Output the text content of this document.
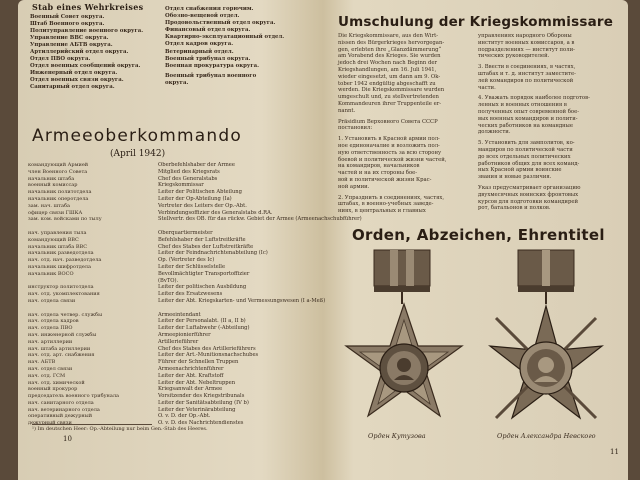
Stab eines Wehrkreises
Военный Совет округа.
Штаб Военного округа.
Политуправление военного округа.
Управление ВВС округа.
Управление АБТВ округа.
Артиллерийский отдел округа.
Отдел ПВО округа.
Отдел военных сообщений округа.
Инженерный отдел округа.
Отдел военных связи округа.
Санитарный отдел округа.
Отдел снабжения горючим.
Обозно-вещевой отдел.
Продовольственный отдел округа.
Финансовый отдел округа.
Квартирно-эксплуатационный отдел.
Отдел кадров округа.
Ветеринарный отдел.
Военный трибунал округа.
Военная прокуратура округа.
Военный трибунал военного
округа.
Armeeoberkommando
(April 1942)
командующий Армией	Oberbefehlshaber der Armee
член Военного Совета	Mitglied des Kriegsrats
начальник штаба	Chef des Generalstabs
военный комиссар	Kriegskommissar
начальник политотдела	Leiter der Politischen Abteilung
начальник оперотдела	Leiter der Op-Abteilung (Ia)
зам. нач. штаба	Vertreter des Leiters der Op.-Abt.
офицер связи ГШКА	Verbindungsoffizier des Generalstabs d.RA.
зам. ком. войсками по тылу	Stellvertr. des OB. für das rückw. Gebiet der Armee (Armeenachschubführer)
нач. управления тыла	Oberquartiermeister
командующий ВВС	Befehlshaber der Luftstreitkräfte
начальник штаба ВВС	Chef des Stabes der Luftstreitkräfte
начальник разведотдела	Leiter der Feindnachrichtenabteilung (Ic)
нач. отд. нач. разведотдела	Op. (Vertreter des Ic)
начальник шифротдела	Leiter der Schlüsselstelle
начальник ВОСО	Bevollmächtigter Transportoffizier
(BvTO).
инструктор политотдела	Leiter der politischen Ausbildung
нач. отд. укомплектования	Leiter des Ersatzwesens
нач. отдела связи	Leiter der Abt. Kriegskarten- und Vermessungswesen (I a-Meß)
нач. отдела четвер. службы	Armeeintendant
нач. отдела кадров	Leiter der Personalabt. (II a, II b)
нач. отдела ПВО	Leiter der Luftabwehr (-Abteilung)
нач. инженерной службы	Armeepionierführer
нач. артиллерии	Artillerieführer
нач. штаба артиллерии	Chef des Stabes des Artillerieführers
нач. отд. арт. снабжения	Leiter der Art.-Munitionsnachschubes
нач. АБТВ	Führer der Schnellen Truppen
нач. отдел связи	Armeenachrichtenführer
нач. отд. ГСМ	Leiter der Abt. Kraftstoff
нач. отд. химической	Leiter der Abt. Nebeltruppen
военный прокурор	Kriegsanwalt der Armee
председатель военного трибунала	Vorsitzender des Kriegstribunals
нач. санитарного отдела	Leiter der Sanitätsabteilung (IV b)
нач. ветеринарного отдела	Leiter der Veterinärabteilung
оперативный дежурный	O. v. D. der Op.-Abt.
дежурный связи	O. v. D. des Nachrichtendienstes
¹) Im deutschen Heer: Op.-Abteilung nur beim Gen.-Stab des Heeres.
10
Umschulung der Kriegskommissare
Die Kriegskommissare, aus den Wirt-
nissen des Bürgerkrieges hervorgegan-
gen, erlebten ihre „Glanzdämmerung“
am Vorabend des Krieges. Sie wurden
jedoch drei Wochen nach Beginn der
Kriegshandlungen, am 16. Juli 1941,
wieder eingesetzt, um dann am 9. Ok-
tober 1942 endgültig abgeschafft zu
werden. Die Kriegskommissare wurden
umgeschult und, zu stellvertretenden
Kommandeuren ihrer Truppenteile er-
nannt.
Präsidium Верховного Совета СССР
постановил:
1. Установить в Красной армии пол-
ное единоначалие и возложить пол-
ную ответственность за всю сторону
боевой и политической жизни частей,
на командиров, начальников
частей и на их стороны бое-
вой и политической жизни Крас-
ной армии.
2. Упразднить в соединениях, частях,
штабах, в военно-учебных заведе-
ниях, в центральных и главных
управлениях народного Обороны
институт военных комиссаров, а в
подразделениях — институт поли-
тических руководителей.
3. Ввести в соединениях, в частях,
штабах и т. д. институт заместите-
лей командиров по политической
части.
4. Уважать порядок наиболее подготов-
ленных и военных отношения в
полученных опыт современной бое-
вых военных командиров и полити-
ческих работников на командные
должности.
5. Установить для замполитов, ко-
мандиров по политической части
до всех отдельных политических
работников общих для всех команд-
ных Красной армии воинские
звания и новые различия.
Указ предусматривает организацию
двухмесячных воинских фронтовых
курсов для подготовки командирей
рот, батальонов и полков.
Orden, Abzeichen, Ehrentitel
Орден Кутузова	Орден Александра Невского
11
